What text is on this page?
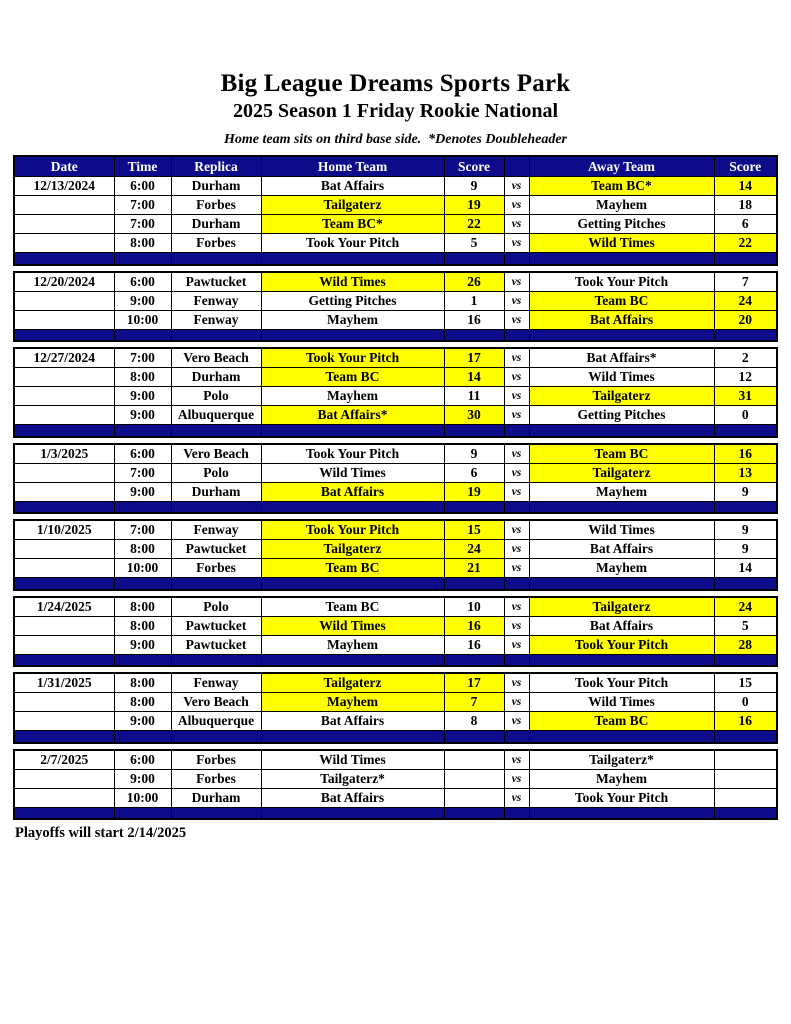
Big League Dreams Sports Park
2025 Season 1 Friday Rookie National
Home team sits on third base side.  *Denotes Doubleheader
Date	Time	Replica	Home Team	Score		Away Team	Score
12/13/2024	6:00	Durham	Bat Affairs	9	vs	Team BC*	14
	7:00	Forbes	Tailgaterz	19	vs	Mayhem	18
	7:00	Durham	Team BC*	22	vs	Getting Pitches	6
	8:00	Forbes	Took Your Pitch	5	vs	Wild Times	22

12/20/2024	6:00	Pawtucket	Wild Times	26	vs	Took Your Pitch	7
	9:00	Fenway	Getting Pitches	1	vs	Team BC	24
	10:00	Fenway	Mayhem	16	vs	Bat Affairs	20

12/27/2024	7:00	Vero Beach	Took Your Pitch	17	vs	Bat Affairs*	2
	8:00	Durham	Team BC	14	vs	Wild Times	12
	9:00	Polo	Mayhem	11	vs	Tailgaterz	31
	9:00	Albuquerque	Bat Affairs*	30	vs	Getting Pitches	0

1/3/2025	6:00	Vero Beach	Took Your Pitch	9	vs	Team BC	16
	7:00	Polo	Wild Times	6	vs	Tailgaterz	13
	9:00	Durham	Bat Affairs	19	vs	Mayhem	9

1/10/2025	7:00	Fenway	Took Your Pitch	15	vs	Wild Times	9
	8:00	Pawtucket	Tailgaterz	24	vs	Bat Affairs	9
	10:00	Forbes	Team BC	21	vs	Mayhem	14

1/24/2025	8:00	Polo	Team BC	10	vs	Tailgaterz	24
	8:00	Pawtucket	Wild Times	16	vs	Bat Affairs	5
	9:00	Pawtucket	Mayhem	16	vs	Took Your Pitch	28

1/31/2025	8:00	Fenway	Tailgaterz	17	vs	Took Your Pitch	15
	8:00	Vero Beach	Mayhem	7	vs	Wild Times	0
	9:00	Albuquerque	Bat Affairs	8	vs	Team BC	16

2/7/2025	6:00	Forbes	Wild Times		vs	Tailgaterz*	
	9:00	Forbes	Tailgaterz*		vs	Mayhem	
	10:00	Durham	Bat Affairs		vs	Took Your Pitch	

Playoffs will start 2/14/2025
